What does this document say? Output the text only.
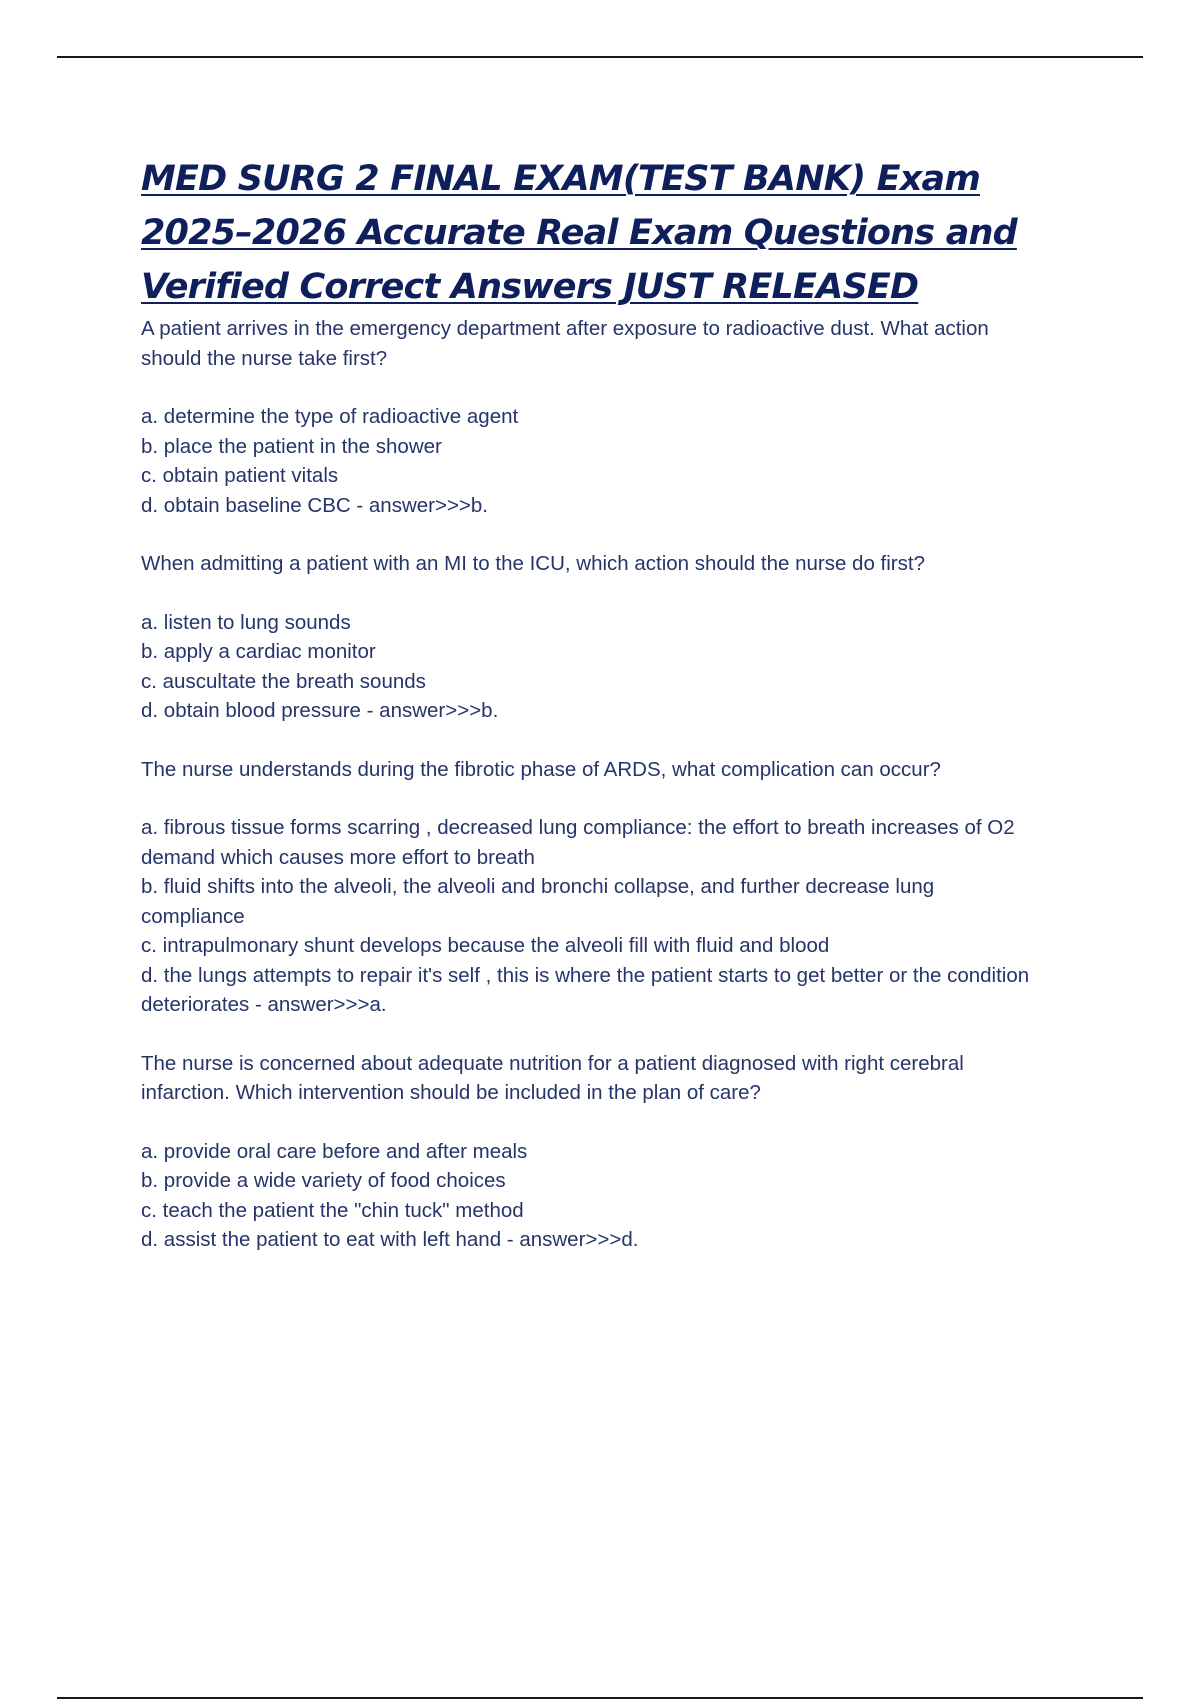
MED SURG 2 FINAL EXAM(TEST BANK) Exam 2025–2026 Accurate Real Exam Questions and Verified Correct Answers JUST RELEASED

A patient arrives in the emergency department after exposure to radioactive dust. What action should the nurse take first?

a. determine the type of radioactive agent
b. place the patient in the shower
c. obtain patient vitals
d. obtain baseline CBC - answer>>>b.

When admitting a patient with an MI to the ICU, which action should the nurse do first?

a. listen to lung sounds
b. apply a cardiac monitor
c. auscultate the breath sounds
d. obtain blood pressure - answer>>>b.

The nurse understands during the fibrotic phase of ARDS, what complication can occur?

a. fibrous tissue forms scarring , decreased lung compliance: the effort to breath increases of O2 demand which causes more effort to breath
b. fluid shifts into the alveoli, the alveoli and bronchi collapse, and further decrease lung compliance
c. intrapulmonary shunt develops because the alveoli fill with fluid and blood
d. the lungs attempts to repair it's self , this is where the patient starts to get better or the condition deteriorates - answer>>>a.

The nurse is concerned about adequate nutrition for a patient diagnosed with right cerebral infarction. Which intervention should be included in the plan of care?

a. provide oral care before and after meals
b. provide a wide variety of food choices
c. teach the patient the "chin tuck" method
d. assist the patient to eat with left hand - answer>>>d.
